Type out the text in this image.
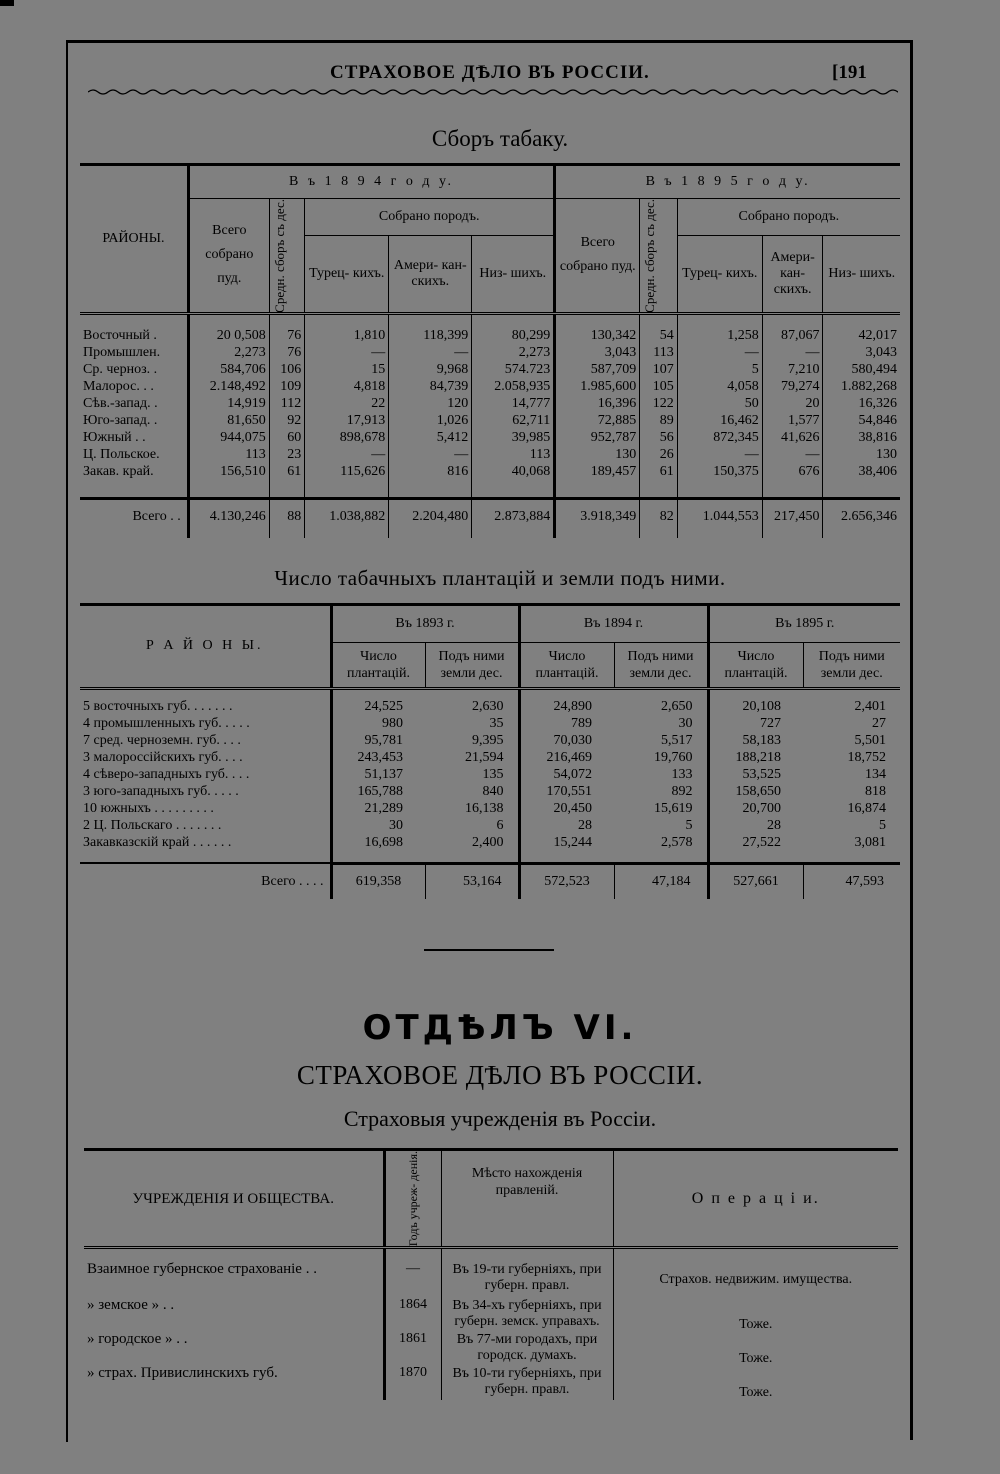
СТРАХОВОЕ ДѢЛО ВЪ РОССІИ.	[191
Сборъ табаку.

РАЙОНЫ.	В ъ 1 8 9 4 г о д у.					В ъ 1 8 9 5 г о д у.				
	Всего собрано пуд.	Средн. сборъ съ дес.	Собрано породъ.			Всего собрано пуд.	Средн. сборъ съ дес.	Собрано породъ.		
			Турец- кихъ.	Амери- кан- скихъ.	Низ- шихъ.			Турец- кихъ.	Амери- кан- скихъ.	Низ- шихъ.

Восточный .	20 0,508	76	1,810	118,399	80,299	130,342	54	1,258	87,067	42,017
Промышлен.	2,273	76	—	—	2,273	3,043	113	—	—	3,043
Ср. черноз. .	584,706	106	15	9,968	574.723	587,709	107	5	7,210	580,494
Малорос. . .	2.148,492	109	4,818	84,739	2.058,935	1.985,600	105	4,058	79,274	1.882,268
Сѣв.-запад. .	14,919	112	22	120	14,777	16,396	122	50	20	16,326
Юго-запад. .	81,650	92	17,913	1,026	62,711	72,885	89	16,462	1,577	54,846
Южный . .	944,075	60	898,678	5,412	39,985	952,787	56	872,345	41,626	38,816
Ц. Польское.	113	23	—	—	113	130	26	—	—	130
Закав. край.	156,510	61	115,626	816	40,068	189,457	61	150,375	676	38,406

Всего . .	4.130,246	88	1.038,882	2.204,480	2.873,884	3.918,349	82	1.044,553	217,450	2.656,346

Число табачныхъ плантацій и земли подъ ними.

Р А Й О Н Ы.	Въ 1893 г.		Въ 1894 г.		Въ 1895 г.	
	Число плантацій.	Подъ ними земли дес.	Число плантацій.	Подъ ними земли дес.	Число плантацій.	Подъ ними земли дес.

5 восточныхъ губ. . . . . . .	24,525	2,630	24,890	2,650	20,108	2,401
4 промышленныхъ губ. . . . .	980	35	789	30	727	27
7 сред. черноземн. губ. . . .	95,781	9,395	70,030	5,517	58,183	5,501
3 малороссійскихъ губ. . . .	243,453	21,594	216,469	19,760	188,218	18,752
4 сѣверо-западныхъ губ. . . .	51,137	135	54,072	133	53,525	134
3 юго-западныхъ губ. . . . .	165,788	840	170,551	892	158,650	818
10 южныхъ . . . . . . . . .	21,289	16,138	20,450	15,619	20,700	16,874
2 Ц. Польскаго . . . . . . .	30	6	28	5	28	5
Закавказскій край . . . . . .	16,698	2,400	15,244	2,578	27,522	3,081

Всего . . . .	619,358	53,164	572,523	47,184	527,661	47,593
ОТДѢЛЪ VI.
СТРАХОВОЕ ДѢЛО ВЪ РОССІИ.
Страховыя учрежденія въ Россіи.

УЧРЕЖДЕНІЯ И ОБЩЕСТВА.	Годъ учреж- денія.	Мѣсто нахожденія правленій.	О п е р а ц і и.

Взаимное губернское страхованіе . .	—	Въ 19-ти губерніяхъ, при губерн. правл.	Страхов. недвижим. имущества.
» земское » . .	1864	Въ 34-хъ губерніяхъ, при губерн. земск. управахъ.	Тоже.
» городское » . .	1861	Въ 77-ми городахъ, при городск. думахъ.	Тоже.
» страх. Привислинскихъ губ.	1870	Въ 10-ти губерніяхъ, при губерн. правл.	Тоже.
